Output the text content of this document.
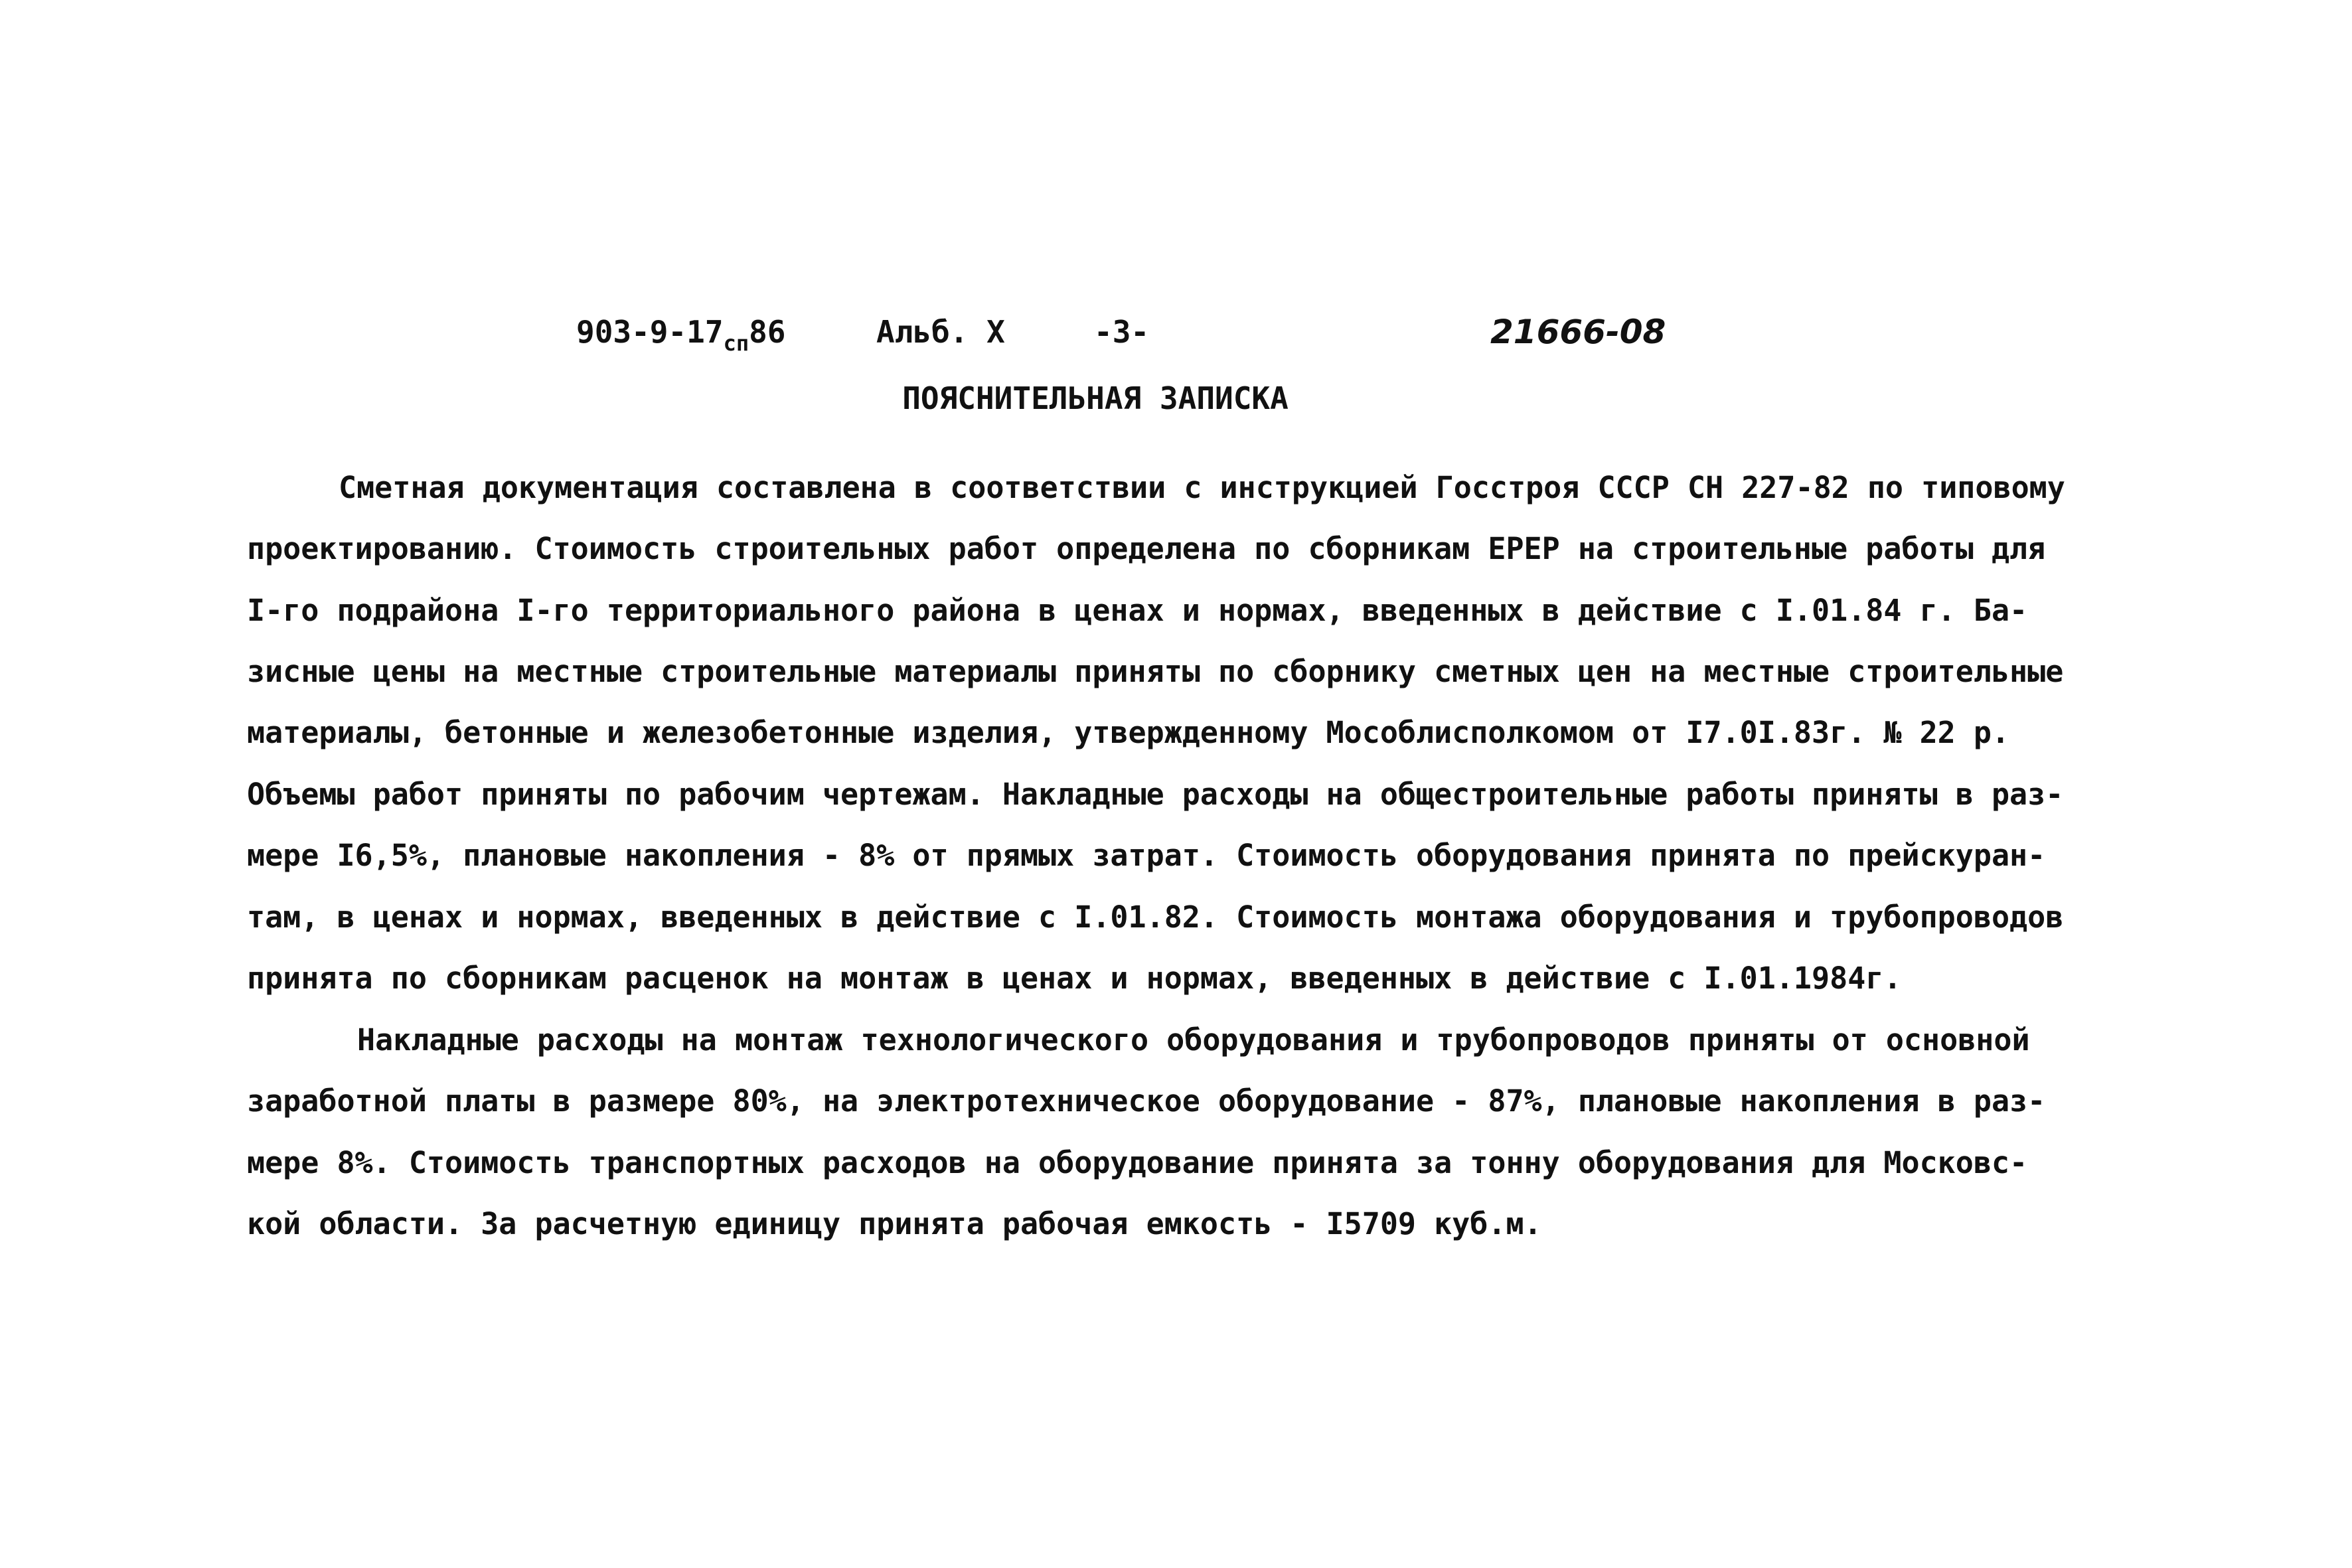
$903-9-17_{сп}86$	Альб. X	-3-	21666-08
ПОЯСНИТЕЛЬНАЯ ЗАПИСКА
Сметная документация составлена в соответствии с инструкцией Госстроя СССР СН 227-82 по типовому
проектированию. Стоимость строительных работ определена по сборникам ЕРЕР на строительные работы для
I-го подрайона I-го территориального района в ценах и нормах, введенных в действие с I.01.84 г. Ба-
зисные цены на местные строительные материалы приняты по сборнику сметных цен на местные строительные
материалы, бетонные и железобетонные изделия, утвержденному Мособлисполкомом от I7.0I.83г. № 22 р.
Объемы работ приняты по рабочим чертежам. Накладные расходы на общестроительные работы приняты в раз-
мере I6,5%, плановые накопления - 8% от прямых затрат. Стоимость оборудования принята по прейскуран-
там, в ценах и нормах, введенных в действие с I.01.82. Стоимость монтажа оборудования и трубопроводов
принята по сборникам расценок на монтаж в ценах и нормах, введенных в действие с I.01.1984г.
Накладные расходы на монтаж технологического оборудования и трубопроводов приняты от основной
заработной платы в размере 80%, на электротехническое оборудование - 87%, плановые накопления в раз-
мере 8%. Стоимость транспортных расходов на оборудование принята за тонну оборудования для Московс-
кой области. За расчетную единицу принята рабочая емкость - I5709 куб.м.
